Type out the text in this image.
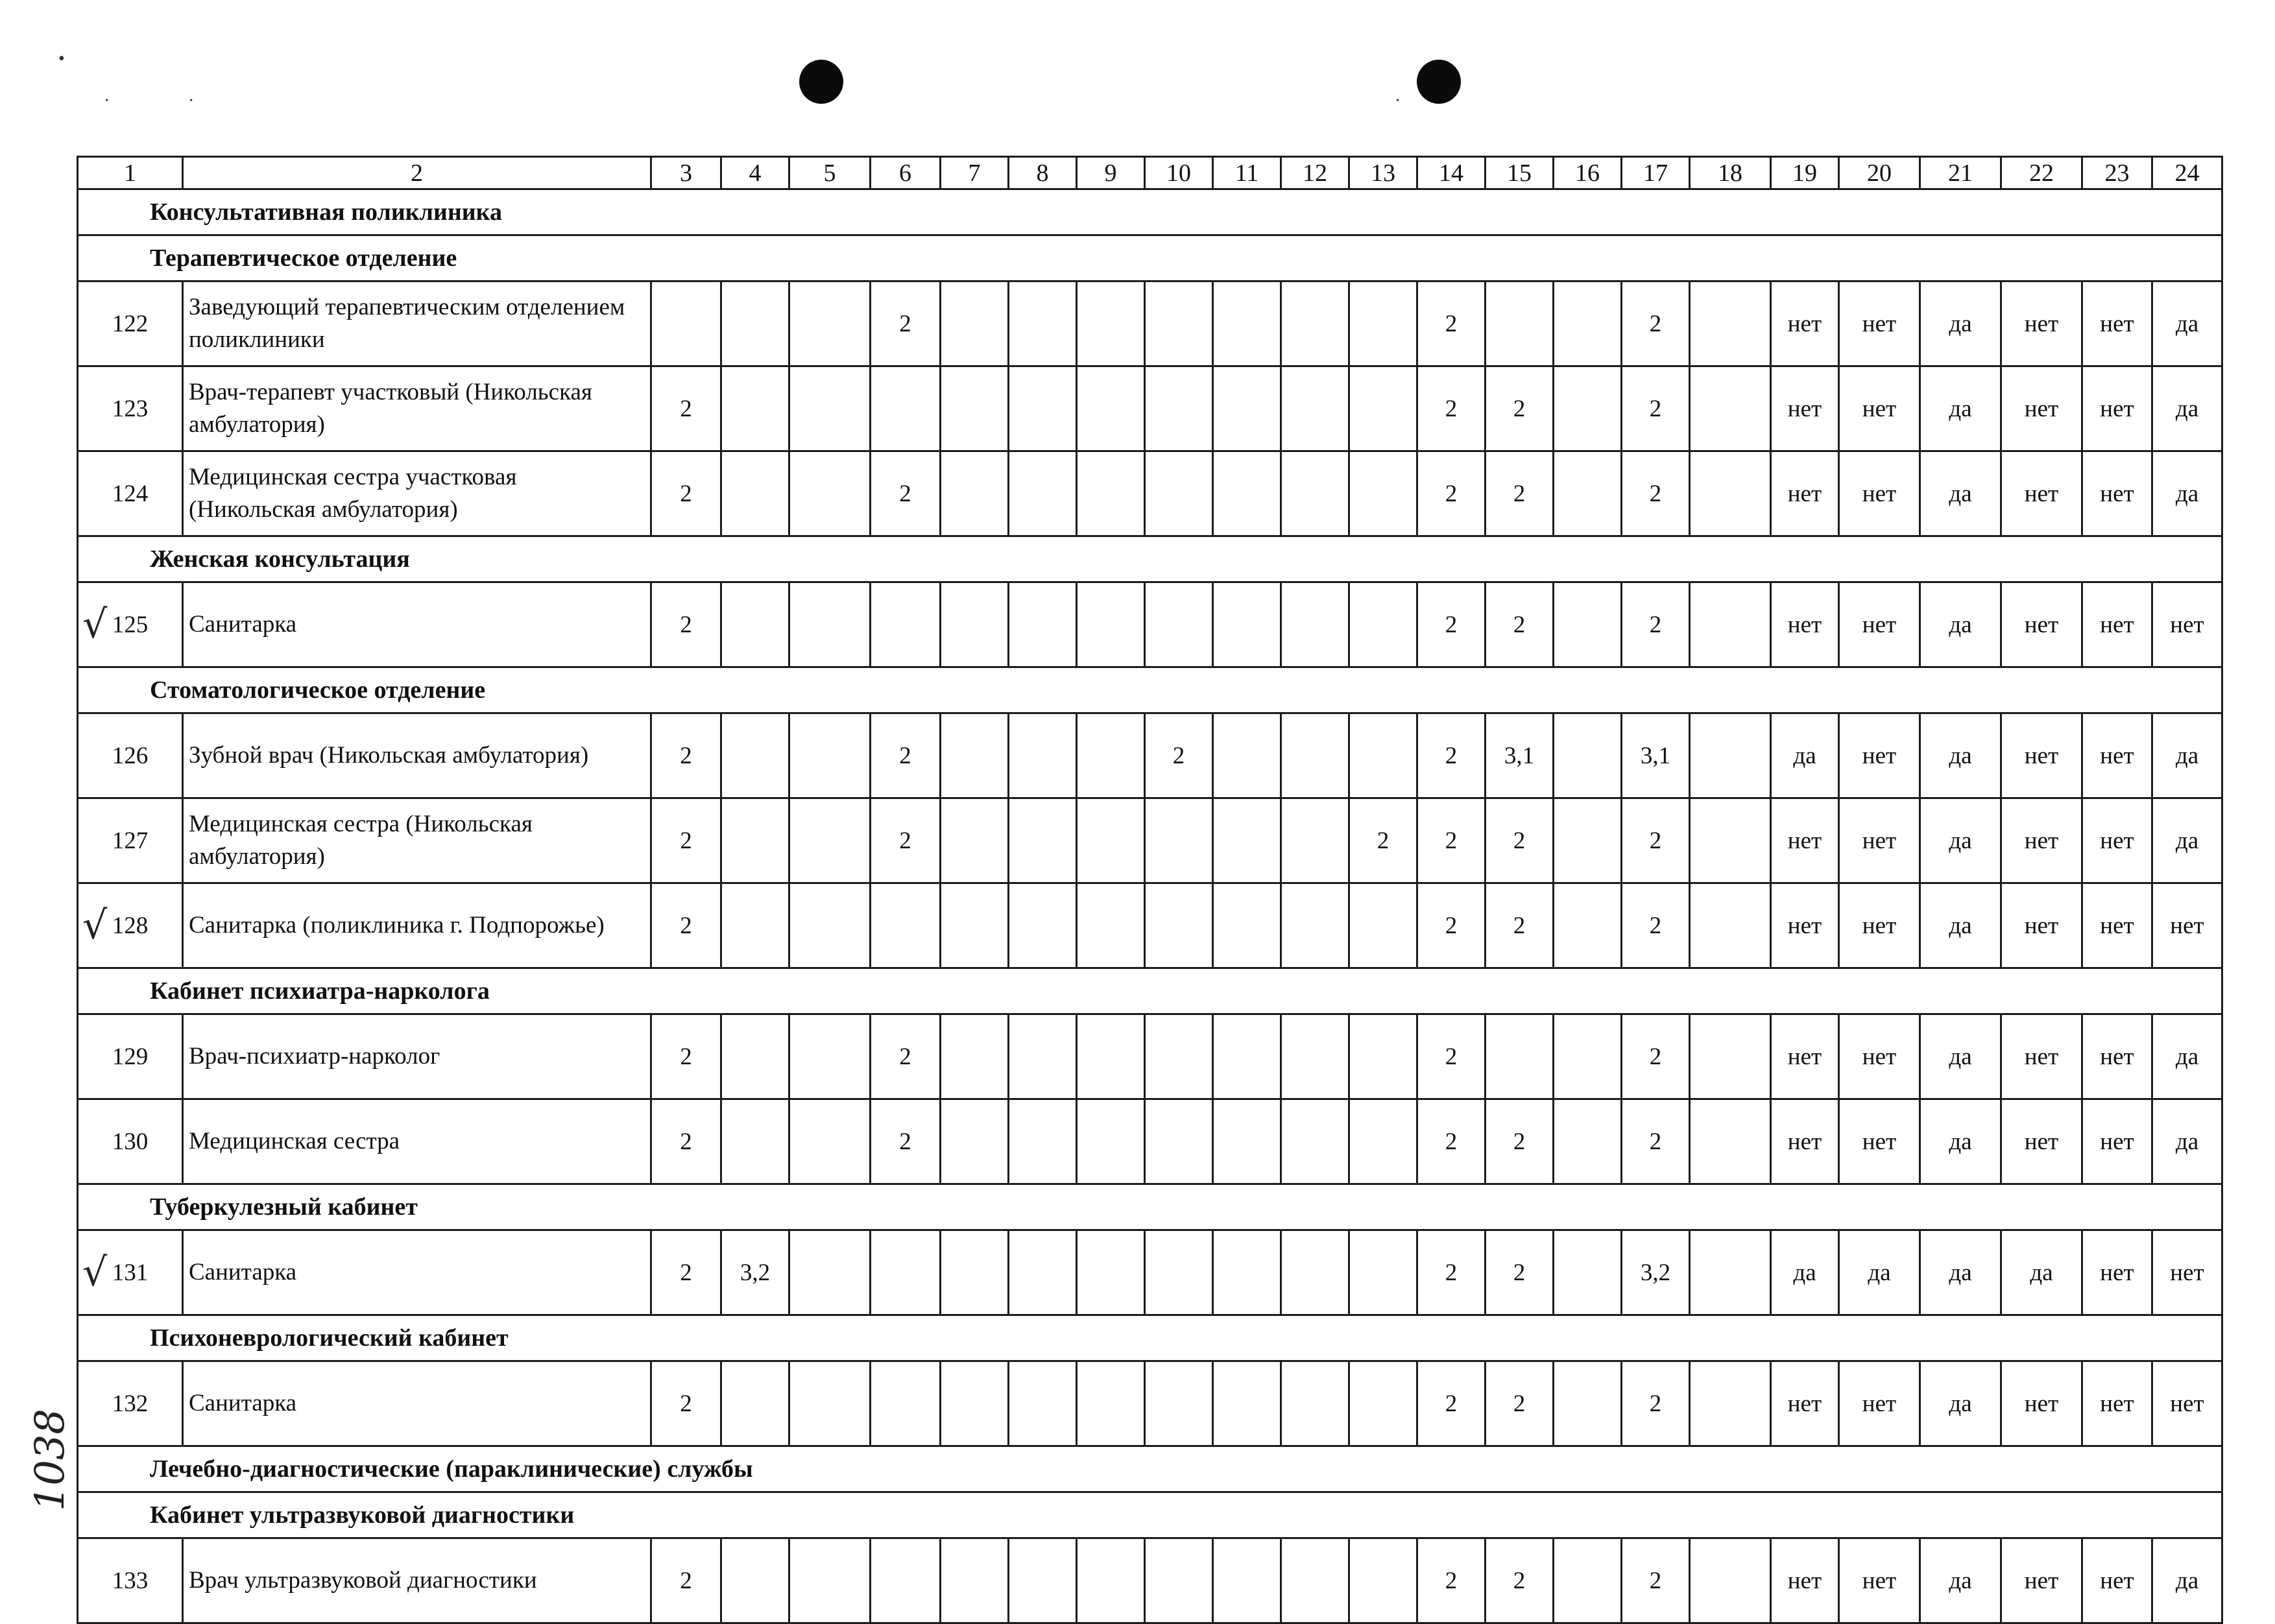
•
·	·	·
1	2	3	4	5	6	7	8	9	10	11	12	13	14	15	16	17	18	19	20	21	22	23	24
Консультативная поликлиника																							
Терапевтическое отделение																							
122	Заведующий терапевтическим отделением поликлиники				2								2			2		нет	нет	да	нет	нет	да
123	Врач-терапевт участковый (Никольская амбулатория)	2											2	2		2		нет	нет	да	нет	нет	да
124	Медицинская сестра участковая (Никольская амбулатория)	2			2								2	2		2		нет	нет	да	нет	нет	да
Женская консультация																							

√ 125	Санитарка	2											2	2		2		нет	нет	да	нет	нет	нет
Стоматологическое отделение																							
126	Зубной врач (Никольская амбулатория)	2			2				2				2	3,1		3,1		да	нет	да	нет	нет	да
127	Медицинская сестра (Никольская амбулатория)	2			2							2	2	2		2		нет	нет	да	нет	нет	да

√ 128	Санитарка (поликлиника г. Подпорожье)	2											2	2		2		нет	нет	да	нет	нет	нет
Кабинет психиатра-нарколога																							
129	Врач-психиатр-нарколог	2			2								2			2		нет	нет	да	нет	нет	да
130	Медицинская сестра	2			2								2	2		2		нет	нет	да	нет	нет	да
Туберкулезный кабинет																							

√ 131	Санитарка	2	3,2										2	2		3,2		да	да	да	да	нет	нет
Психоневрологический кабинет																							
132	Санитарка	2											2	2		2		нет	нет	да	нет	нет	нет
Лечебно-диагностические (параклинические) службы																							
Кабинет ультразвуковой диагностики																							
133	Врач ультразвуковой диагностики	2											2	2		2		нет	нет	да	нет	нет	да
1038
